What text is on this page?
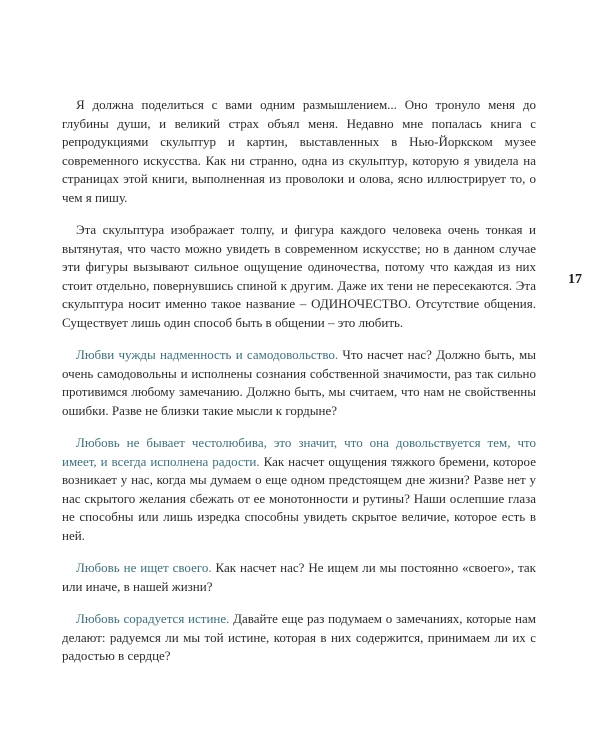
Я должна поделиться с вами одним размышлением... Оно тронуло меня до глубины души, и великий страх объял меня. Недавно мне попалась книга с репродукциями скульптур и картин, выставленных в Нью-Йоркском музее современного искусства. Как ни странно, одна из скульптур, которую я увидела на страницах этой книги, выполненная из проволоки и олова, ясно иллюстрирует то, о чем я пишу.

Эта скульптура изображает толпу, и фигура каждого человека очень тонкая и вытянутая, что часто можно увидеть в современном искусстве; но в данном случае эти фигуры вызывают сильное ощущение одиночества, потому что каждая из них стоит отдельно, повернувшись спиной к другим. Даже их тени не пересекаются. Эта скульптура носит именно такое название – ОДИНОЧЕСТВО. Отсутствие общения. Существует лишь один способ быть в общении – это любить.

Любви чужды надменность и самодовольство. Что насчет нас? Должно быть, мы очень самодовольны и исполнены сознания собственной значимости, раз так сильно противимся любому замечанию. Должно быть, мы считаем, что нам не свойственны ошибки. Разве не близки такие мысли к гордыне?

Любовь не бывает честолюбива, это значит, что она довольствуется тем, что имеет, и всегда исполнена радости. Как насчет ощущения тяжкого бремени, которое возникает у нас, когда мы думаем о еще одном предстоящем дне жизни? Разве нет у нас скрытого желания сбежать от ее монотонности и рутины? Наши ослепшие глаза не способны или лишь изредка способны увидеть скрытое величие, которое есть в ней.

Любовь не ищет своего. Как насчет нас? Не ищем ли мы постоянно «своего», так или иначе, в нашей жизни?

Любовь сорадуется истине. Давайте еще раз подумаем о замечаниях, которые нам делают: радуемся ли мы той истине, которая в них содержится, принимаем ли их с радостью в сердце?

17
